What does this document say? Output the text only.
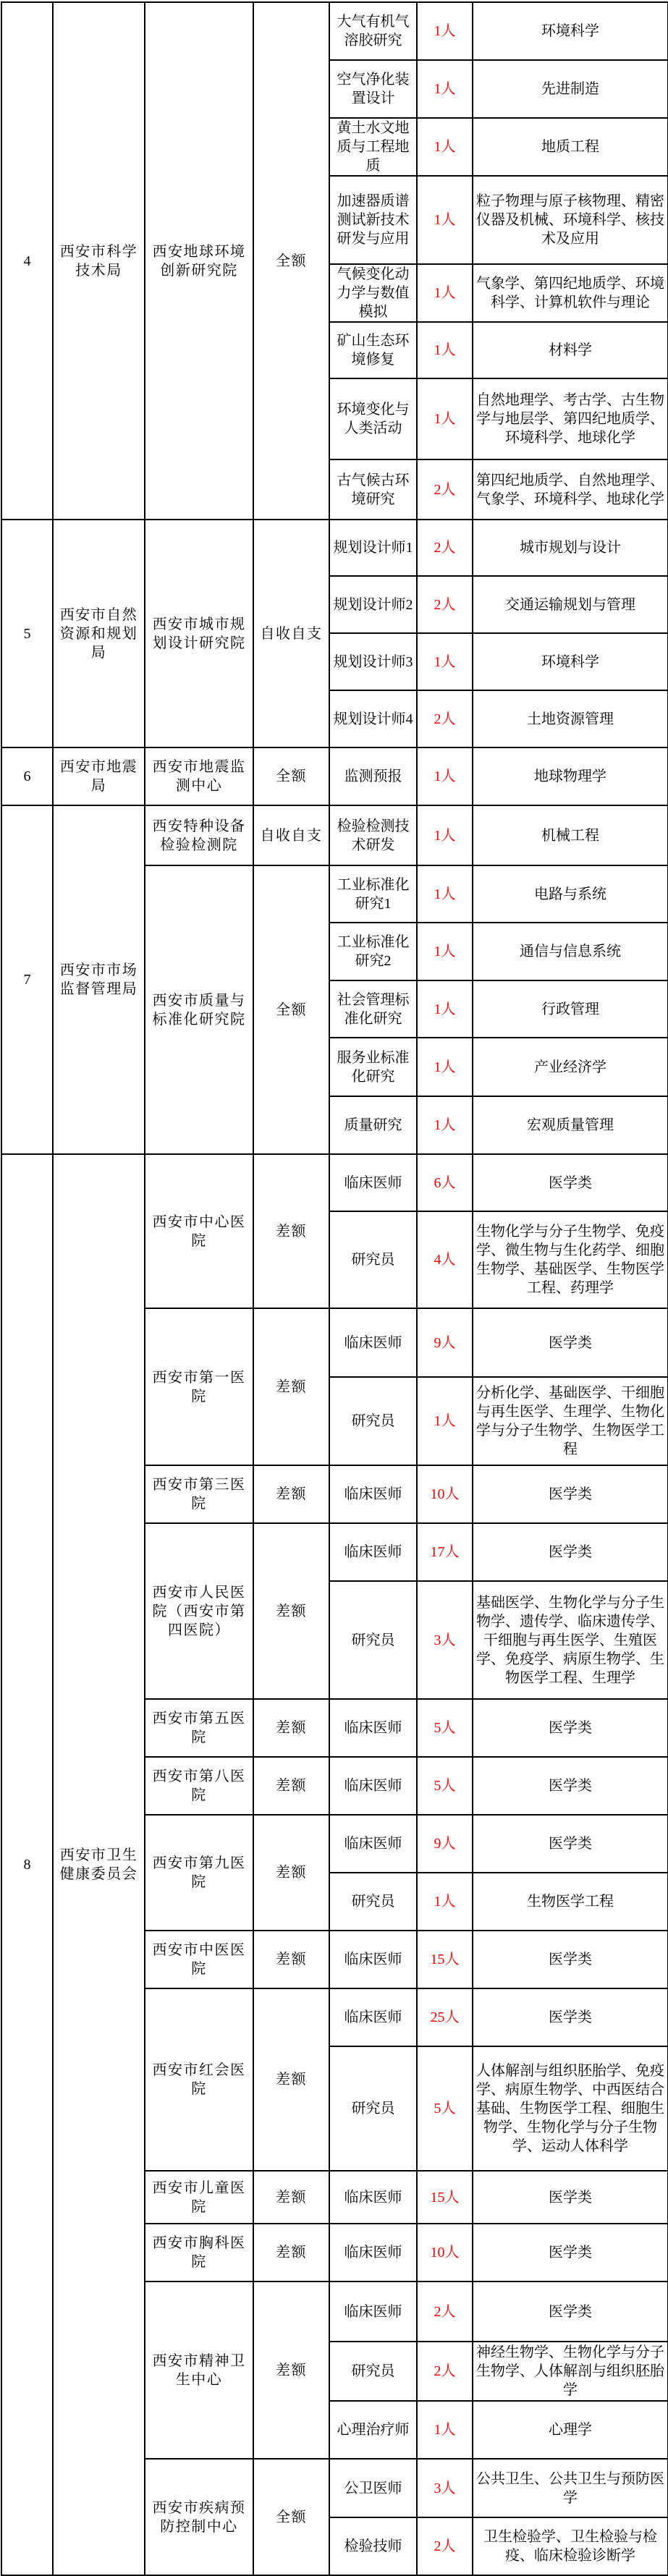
4	西安市科学技术局	西安地球环境创新研究院	全额	大气有机气溶胶研究	1人	环境科学
				空气净化装置设计	1人	先进制造
				黄土水文地质与工程地质	1人	地质工程
				加速器质谱测试新技术研发与应用	1人	粒子物理与原子核物理、精密仪器及机械、环境科学、核技术及应用
				气候变化动力学与数值模拟	1人	气象学、第四纪地质学、环境科学、计算机软件与理论
				矿山生态环境修复	1人	材料学
				环境变化与人类活动	1人	自然地理学、考古学、古生物学与地层学、第四纪地质学、环境科学、地球化学
				古气候古环境研究	2人	第四纪地质学、自然地理学、气象学、环境科学、地球化学
5	西安市自然资源和规划局	西安市城市规划设计研究院	自收自支	规划设计师1	2人	城市规划与设计
				规划设计师2	2人	交通运输规划与管理
				规划设计师3	1人	环境科学
				规划设计师4	2人	土地资源管理
6	西安市地震局	西安市地震监测中心	全额	监测预报	1人	地球物理学
7	西安市市场监督管理局	西安特种设备检验检测院	自收自支	检验检测技术研发	1人	机械工程
		西安市质量与标准化研究院	全额	工业标准化研究1	1人	电路与系统
				工业标准化研究2	1人	通信与信息系统
				社会管理标准化研究	1人	行政管理
				服务业标准化研究	1人	产业经济学
				质量研究	1人	宏观质量管理
8	西安市卫生健康委员会	西安市中心医院	差额	临床医师	6人	医学类
				研究员	4人	生物化学与分子生物学、免疫学、微生物与生化药学、细胞生物学、基础医学、生物医学工程、药理学
		西安市第一医院	差额	临床医师	9人	医学类
				研究员	1人	分析化学、基础医学、干细胞与再生医学、生理学、生物化学与分子生物学、生物医学工程
		西安市第三医院	差额	临床医师	10人	医学类
		西安市人民医院（西安市第四医院）	差额	临床医师	17人	医学类
				研究员	3人	基础医学、生物化学与分子生物学、遗传学、临床遗传学、干细胞与再生医学、生殖医学、免疫学、病原生物学、生物医学工程、生理学
		西安市第五医院	差额	临床医师	5人	医学类
		西安市第八医院	差额	临床医师	5人	医学类
		西安市第九医院	差额	临床医师	9人	医学类
				研究员	1人	生物医学工程
		西安市中医医院	差额	临床医师	15人	医学类
		西安市红会医院	差额	临床医师	25人	医学类
				研究员	5人	人体解剖与组织胚胎学、免疫学、病原生物学、中西医结合基础、生物医学工程、细胞生物学、生物化学与分子生物学、运动人体科学
		西安市儿童医院	差额	临床医师	15人	医学类
		西安市胸科医院	差额	临床医师	10人	医学类
		西安市精神卫生中心	差额	临床医师	2人	医学类
				研究员	2人	神经生物学、生物化学与分子生物学、人体解剖与组织胚胎学
				心理治疗师	1人	心理学
		西安市疾病预防控制中心	全额	公卫医师	3人	公共卫生、公共卫生与预防医学
				检验技师	2人	卫生检验学、卫生检验与检疫、临床检验诊断学
